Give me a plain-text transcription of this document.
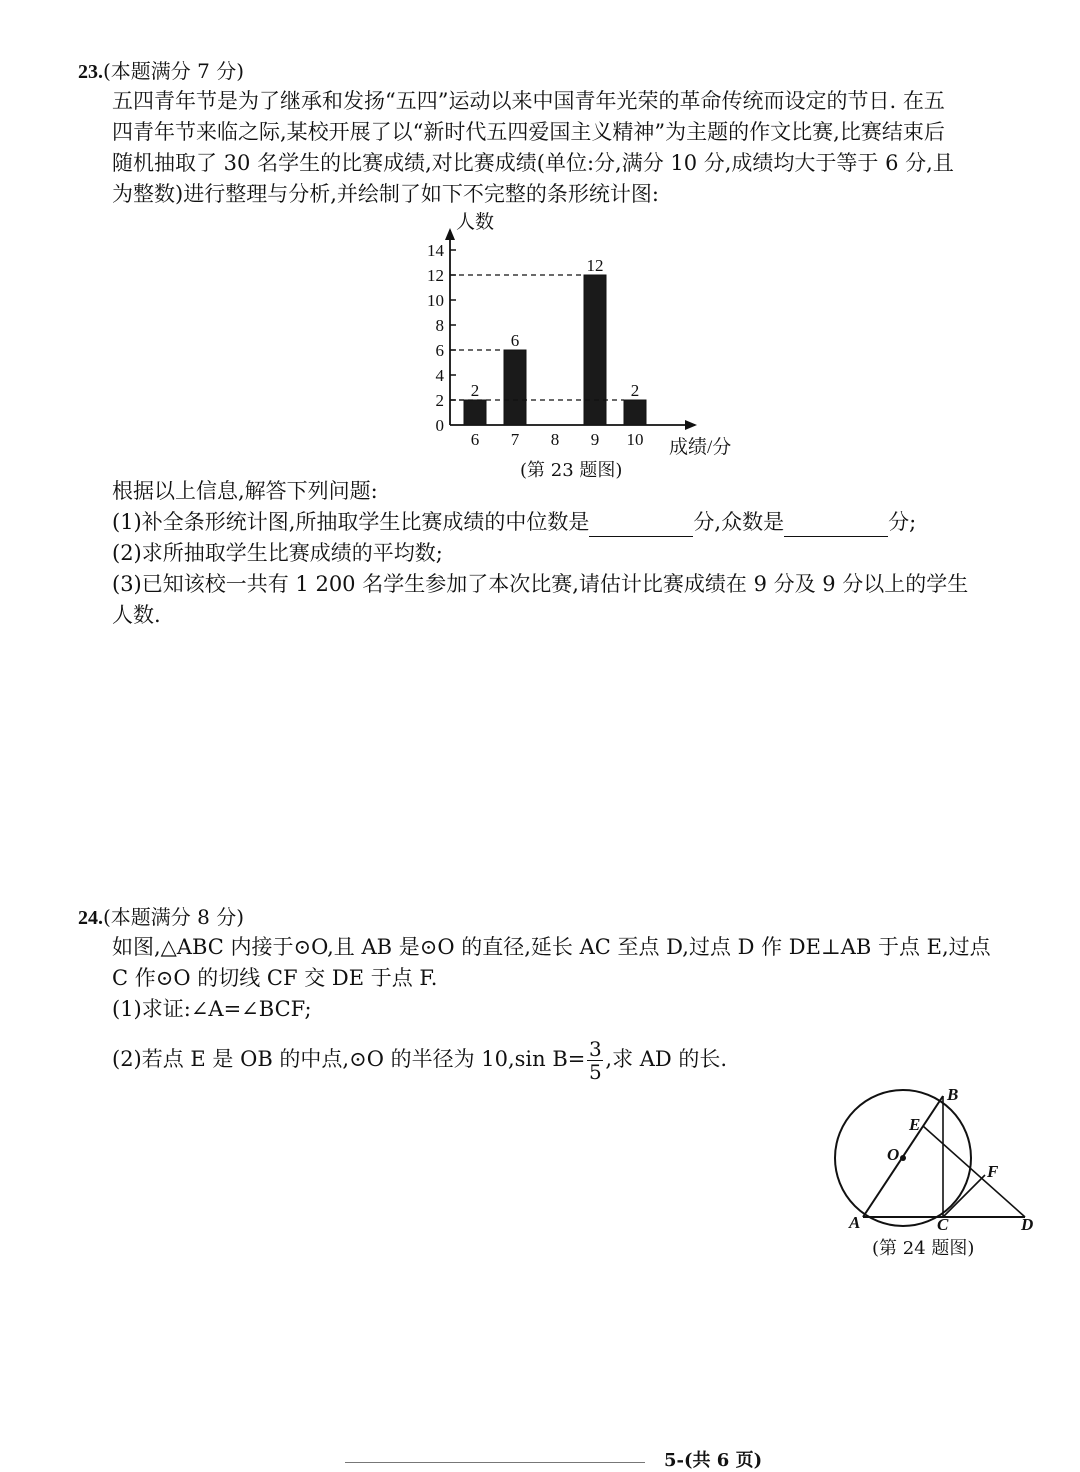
23.(本题满分 7 分)
五四青年节是为了继承和发扬“五四”运动以来中国青年光荣的革命传统而设定的节日. 在五
四青年节来临之际,某校开展了以“新时代五四爱国主义精神”为主题的作文比赛,比赛结束后
随机抽取了 30 名学生的比赛成绩,对比赛成绩(单位:分,满分 10 分,成绩均大于等于 6 分,且
为整数)进行整理与分析,并绘制了如下不完整的条形统计图:
人数
成绩/分
0
2
4
6
8
10
12
14
6
2
7
6
8 9
12
10
2
(第 23 题图)
根据以上信息,解答下列问题:
(1)补全条形统计图,所抽取学生比赛成绩的中位数是	分,众数是	分;
(2)求所抽取学生比赛成绩的平均数;
(3)已知该校一共有 1 200 名学生参加了本次比赛,请估计比赛成绩在 9 分及 9 分以上的学生
人数.
24.(本题满分 8 分)
如图,△ABC 内接于⊙O,且 AB 是⊙O 的直径,延长 AC 至点 D,过点 D 作 DE⊥AB 于点 E,过点
C 作⊙O 的切线 CF 交 DE 于点 F.
(1)求证:∠A=∠BCF;
(2)若点 E 是 OB 的中点,⊙O 的半径为 10,sin $B= \frac{3}{5}$ ,求 AD 的长.
B
E
O
F
A	C	D
(第 24 题图)
5-(共 6 页)
